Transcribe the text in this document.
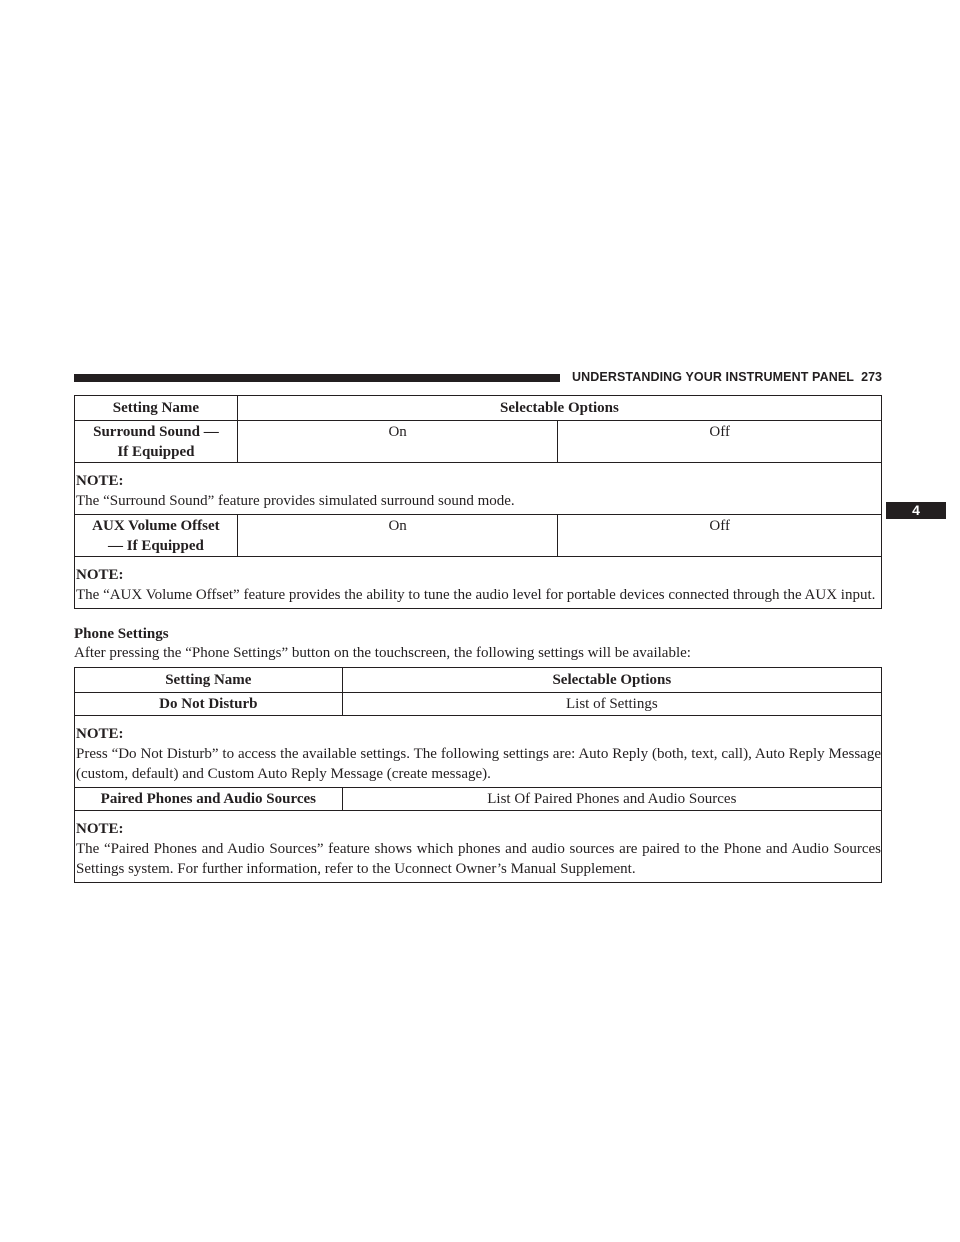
UNDERSTANDING YOUR INSTRUMENT PANEL 273
4
Setting Name	Selectable Options	

Surround Sound —
If Equipped	On	Off

NOTE:
The “Surround Sound” feature provides simulated surround sound mode.		

AUX Volume Offset
— If Equipped	On	Off

NOTE:
The “AUX Volume Offset” feature provides the ability to tune the audio level for portable devices connected through the AUX input.		
Phone Settings
After pressing the “Phone Settings” button on the touchscreen, the following settings will be available:
Setting Name	Selectable Options
Do Not Disturb	List of Settings

NOTE:
Press “Do Not Disturb” to access the available settings. The following settings are: Auto Reply (both, text, call), Auto Reply Message (custom, default) and Custom Auto Reply Message (create message).	
Paired Phones and Audio Sources	List Of Paired Phones and Audio Sources

NOTE:
The “Paired Phones and Audio Sources” feature shows which phones and audio sources are paired to the Phone and Audio Sources Settings system. For further information, refer to the Uconnect Owner’s Manual Supplement.	
